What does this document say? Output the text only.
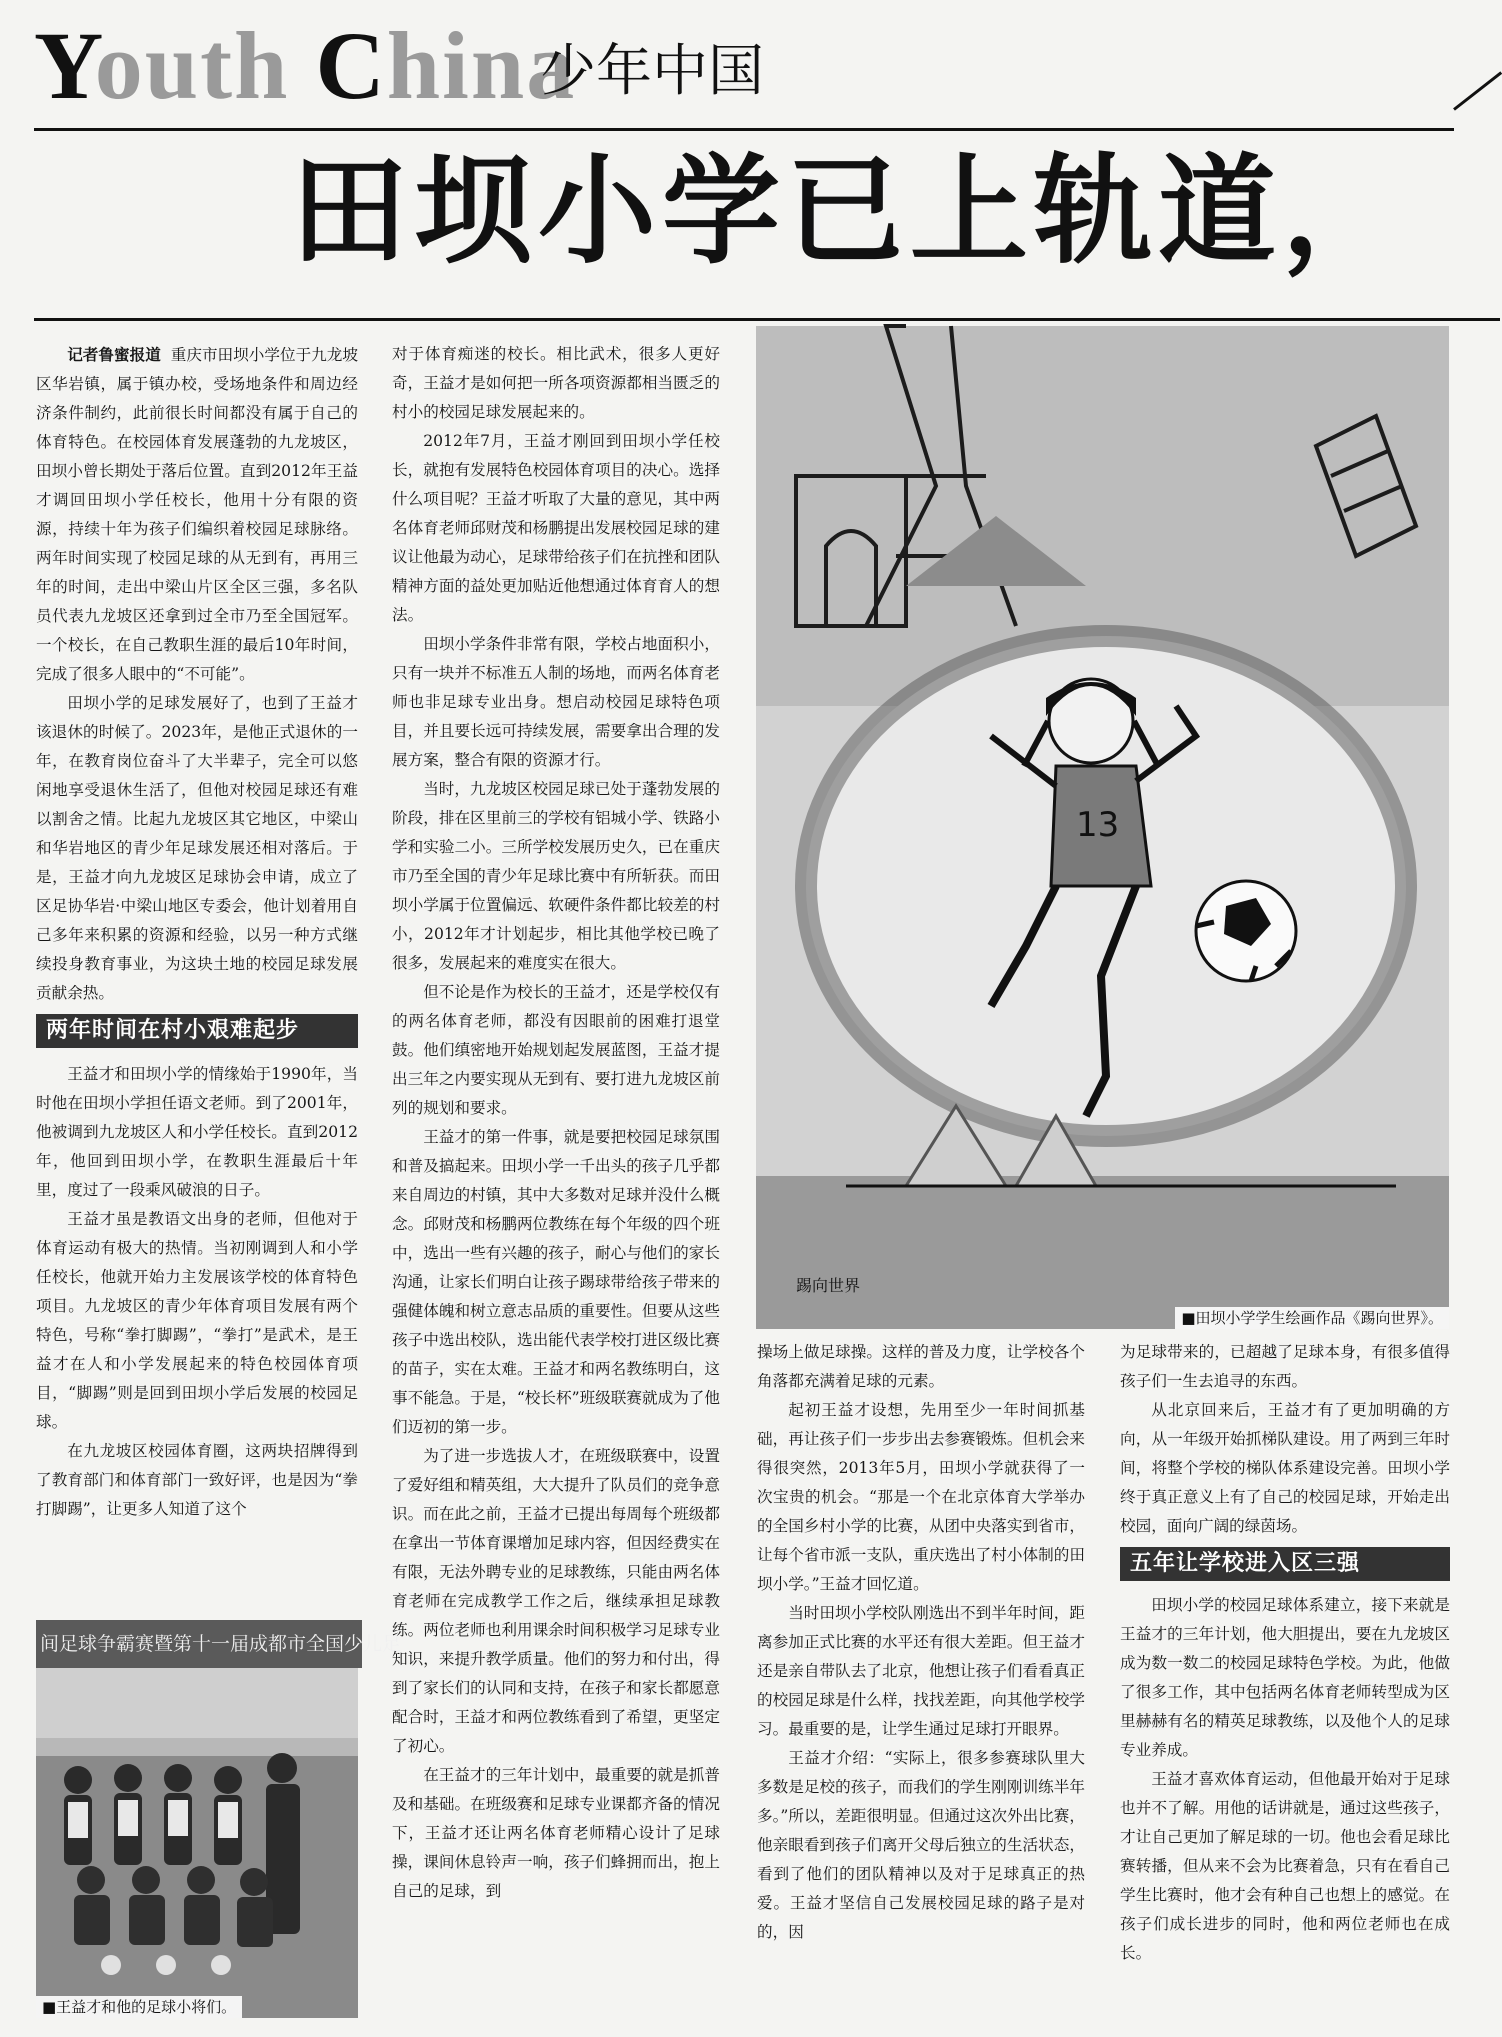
Youth China
少年中国
田坝小学已上轨道，

记者鲁蜜报道 重庆市田坝小学位于九龙坡区华岩镇，属于镇办校，受场地条件和周边经济条件制约，此前很长时间都没有属于自己的体育特色。在校园体育发展蓬勃的九龙坡区，田坝小曾长期处于落后位置。直到2012年王益才调回田坝小学任校长，他用十分有限的资源，持续十年为孩子们编织着校园足球脉络。两年时间实现了校园足球的从无到有，再用三年的时间，走出中梁山片区全区三强，多名队员代表九龙坡区还拿到过全市乃至全国冠军。一个校长，在自己教职生涯的最后10年时间，完成了很多人眼中的“不可能”。

田坝小学的足球发展好了，也到了王益才该退休的时候了。2023年，是他正式退休的一年，在教育岗位奋斗了大半辈子，完全可以悠闲地享受退休生活了，但他对校园足球还有难以割舍之情。比起九龙坡区其它地区，中梁山和华岩地区的青少年足球发展还相对落后。于是，王益才向九龙坡区足球协会申请，成立了区足协华岩·中梁山地区专委会，他计划着用自己多年来积累的资源和经验，以另一种方式继续投身教育事业，为这块土地的校园足球发展贡献余热。

两年时间在村小艰难起步

王益才和田坝小学的情缘始于1990年，当时他在田坝小学担任语文老师。到了2001年，他被调到九龙坡区人和小学任校长。直到2012年，他回到田坝小学，在教职生涯最后十年里，度过了一段乘风破浪的日子。

王益才虽是教语文出身的老师，但他对于体育运动有极大的热情。当初刚调到人和小学任校长，他就开始力主发展该学校的体育特色项目。九龙坡区的青少年体育项目发展有两个特色，号称“拳打脚踢”，“拳打”是武术，是王益才在人和小学发展起来的特色校园体育项目，“脚踢”则是回到田坝小学后发展的校园足球。

在九龙坡区校园体育圈，这两块招牌得到了教育部门和体育部门一致好评，也是因为“拳打脚踢”，让更多人知道了这个

间足球争霸赛暨第十一届成都市全国少儿足
■王益才和他的足球小将们。

对于体育痴迷的校长。相比武术，很多人更好奇，王益才是如何把一所各项资源都相当匮乏的村小的校园足球发展起来的。

2012年7月，王益才刚回到田坝小学任校长，就抱有发展特色校园体育项目的决心。选择什么项目呢？王益才听取了大量的意见，其中两名体育老师邱财茂和杨鹏提出发展校园足球的建议让他最为动心，足球带给孩子们在抗挫和团队精神方面的益处更加贴近他想通过体育育人的想法。

田坝小学条件非常有限，学校占地面积小，只有一块并不标准五人制的场地，而两名体育老师也非足球专业出身。想启动校园足球特色项目，并且要长远可持续发展，需要拿出合理的发展方案，整合有限的资源才行。

当时，九龙坡区校园足球已处于蓬勃发展的阶段，排在区里前三的学校有铝城小学、铁路小学和实验二小。三所学校发展历史久，已在重庆市乃至全国的青少年足球比赛中有所斩获。而田坝小学属于位置偏远、软硬件条件都比较差的村小，2012年才计划起步，相比其他学校已晚了很多，发展起来的难度实在很大。

但不论是作为校长的王益才，还是学校仅有的两名体育老师，都没有因眼前的困难打退堂鼓。他们缜密地开始规划起发展蓝图，王益才提出三年之内要实现从无到有、要打进九龙坡区前列的规划和要求。

王益才的第一件事，就是要把校园足球氛围和普及搞起来。田坝小学一千出头的孩子几乎都来自周边的村镇，其中大多数对足球并没什么概念。邱财茂和杨鹏两位教练在每个年级的四个班中，选出一些有兴趣的孩子，耐心与他们的家长沟通，让家长们明白让孩子踢球带给孩子带来的强健体魄和树立意志品质的重要性。但要从这些孩子中选出校队，选出能代表学校打进区级比赛的苗子，实在太难。王益才和两名教练明白，这事不能急。于是，“校长杯”班级联赛就成为了他们迈初的第一步。

为了进一步选拔人才，在班级联赛中，设置了爱好组和精英组，大大提升了队员们的竞争意识。而在此之前，王益才已提出每周每个班级都在拿出一节体育课增加足球内容，但因经费实在有限，无法外聘专业的足球教练，只能由两名体育老师在完成教学工作之后，继续承担足球教练。两位老师也利用课余时间积极学习足球专业知识，来提升教学质量。他们的努力和付出，得到了家长们的认同和支持，在孩子和家长都愿意配合时，王益才和两位教练看到了希望，更坚定了初心。

在王益才的三年计划中，最重要的就是抓普及和基础。在班级赛和足球专业课都齐备的情况下，王益才还让两名体育老师精心设计了足球操，课间休息铃声一响，孩子们蜂拥而出，抱上自己的足球，到

13
踢向世界
■田坝小学学生绘画作品《踢向世界》。

操场上做足球操。这样的普及力度，让学校各个角落都充满着足球的元素。

起初王益才设想，先用至少一年时间抓基础，再让孩子们一步步出去参赛锻炼。但机会来得很突然，2013年5月，田坝小学就获得了一次宝贵的机会。“那是一个在北京体育大学举办的全国乡村小学的比赛，从团中央落实到省市，让每个省市派一支队，重庆选出了村小体制的田坝小学。”王益才回忆道。

当时田坝小学校队刚选出不到半年时间，距离参加正式比赛的水平还有很大差距。但王益才还是亲自带队去了北京，他想让孩子们看看真正的校园足球是什么样，找找差距，向其他学校学习。最重要的是，让学生通过足球打开眼界。

王益才介绍：“实际上，很多参赛球队里大多数是足校的孩子，而我们的学生刚刚训练半年多。”所以，差距很明显。但通过这次外出比赛，他亲眼看到孩子们离开父母后独立的生活状态，看到了他们的团队精神以及对于足球真正的热爱。王益才坚信自己发展校园足球的路子是对的，因

为足球带来的，已超越了足球本身，有很多值得孩子们一生去追寻的东西。

从北京回来后，王益才有了更加明确的方向，从一年级开始抓梯队建设。用了两到三年时间，将整个学校的梯队体系建设完善。田坝小学终于真正意义上有了自己的校园足球，开始走出校园，面向广阔的绿茵场。

五年让学校进入区三强

田坝小学的校园足球体系建立，接下来就是王益才的三年计划，他大胆提出，要在九龙坡区成为数一数二的校园足球特色学校。为此，他做了很多工作，其中包括两名体育老师转型成为区里赫赫有名的精英足球教练，以及他个人的足球专业养成。

王益才喜欢体育运动，但他最开始对于足球也并不了解。用他的话讲就是，通过这些孩子，才让自己更加了解足球的一切。他也会看足球比赛转播，但从来不会为比赛着急，只有在看自己学生比赛时，他才会有种自己也想上的感觉。在孩子们成长进步的同时，他和两位老师也在成长。
